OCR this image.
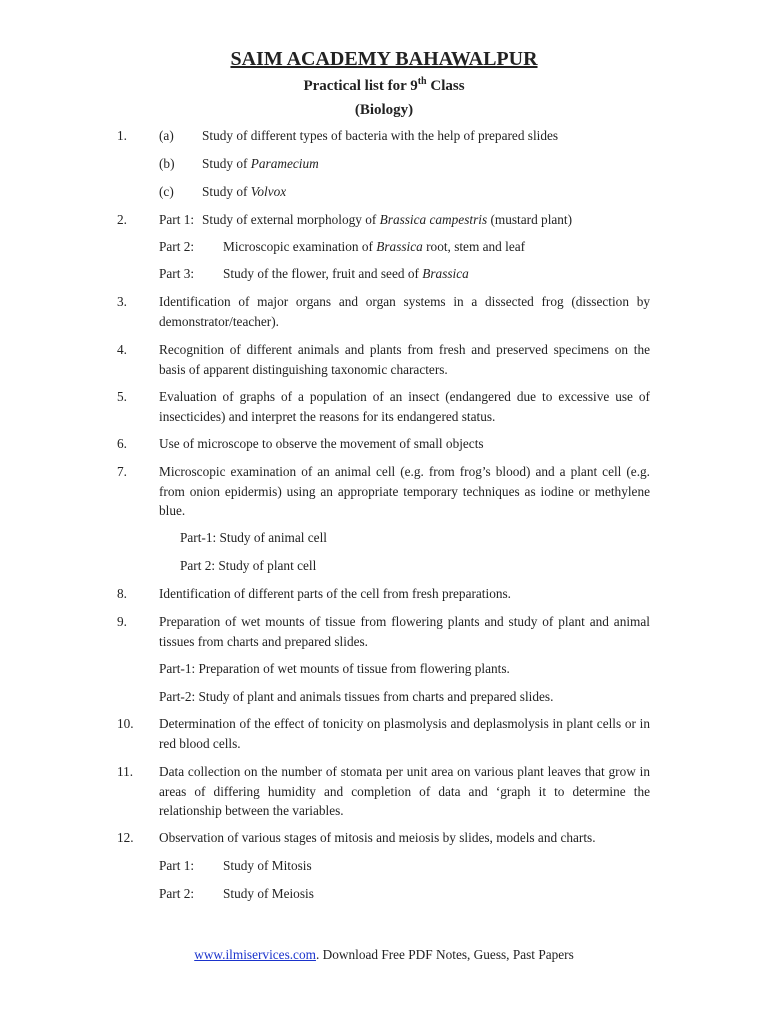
SAIM ACADEMY BAHAWALPUR
Practical list for 9th Class
(Biology)
1. (a) Study of different types of bacteria with the help of prepared slides
(b) Study of Paramecium
(c) Study of Volvox
2. Part 1: Study of external morphology of Brassica campestris (mustard plant)
Part 2: Microscopic examination of Brassica root, stem and leaf
Part 3: Study of the flower, fruit and seed of Brassica
3. Identification of major organs and organ systems in a dissected frog (dissection by demonstrator/teacher).

4. Recognition of different animals and plants from fresh and preserved specimens on the basis of apparent distinguishing taxonomic characters.

5. Evaluation of graphs of a population of an insect (endangered due to excessive use of insecticides) and interpret the reasons for its endangered status.

6. Use of microscope to observe the movement of small objects

7. Microscopic examination of an animal cell (e.g. from frog’s blood) and a plant cell (e.g. from onion epidermis) using an appropriate temporary techniques as iodine or methylene blue.

Part-1: Study of animal cell
Part 2: Study of plant cell
8. Identification of different parts of the cell from fresh preparations.

9. Preparation of wet mounts of tissue from flowering plants and study of plant and animal tissues from charts and prepared slides.

Part-1: Preparation of wet mounts of tissue from flowering plants.
Part-2: Study of plant and animals tissues from charts and prepared slides.
10. Determination of the effect of tonicity on plasmolysis and deplasmolysis in plant cells or in red blood cells.

11. Data collection on the number of stomata per unit area on various plant leaves that grow in areas of differing humidity and completion of data and ‘graph it to determine the relationship between the variables.

12. Observation of various stages of mitosis and meiosis by slides, models and charts.

Part 1: Study of Mitosis
Part 2: Study of Meiosis
www.ilmiservices.com. Download Free PDF Notes, Guess, Past Papers
